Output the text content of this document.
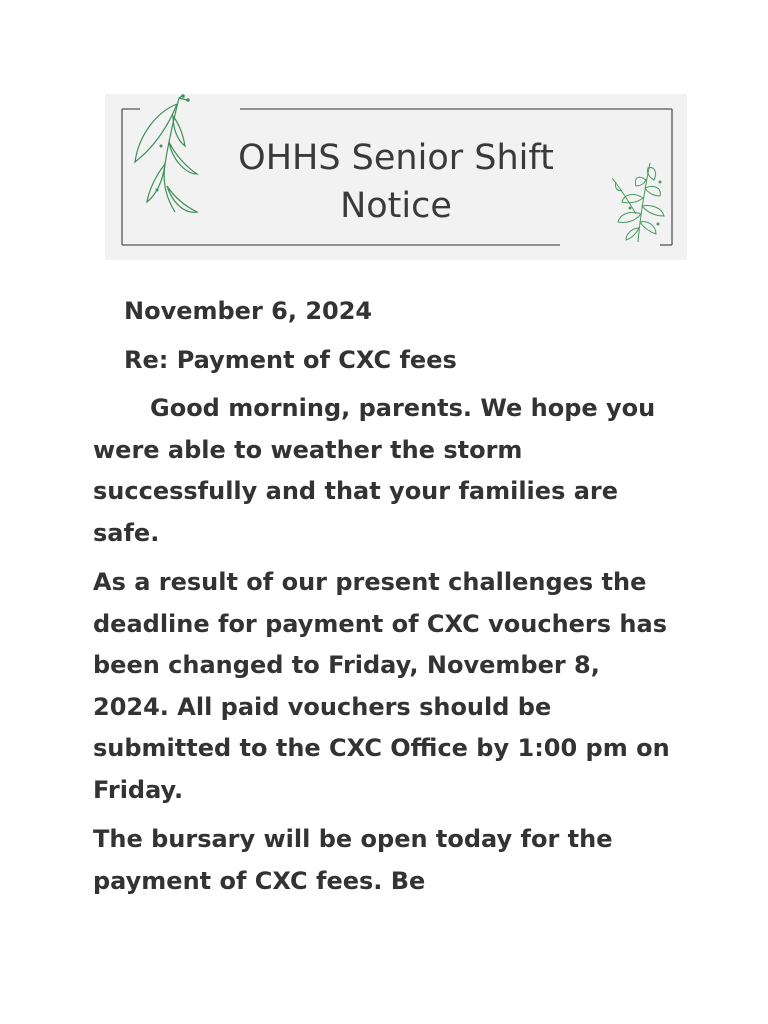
OHHS Senior Shift
Notice

November 6, 2024

Re: Payment of CXC fees

Good morning, parents. We hope you were able to weather the storm successfully and that your families are safe.

As a result of our present challenges the deadline for payment of CXC vouchers has been changed to Friday, November 8, 2024. All paid vouchers should be submitted to the CXC Office by 1:00 pm on Friday.

The bursary will be open today for the payment of CXC fees. Be
